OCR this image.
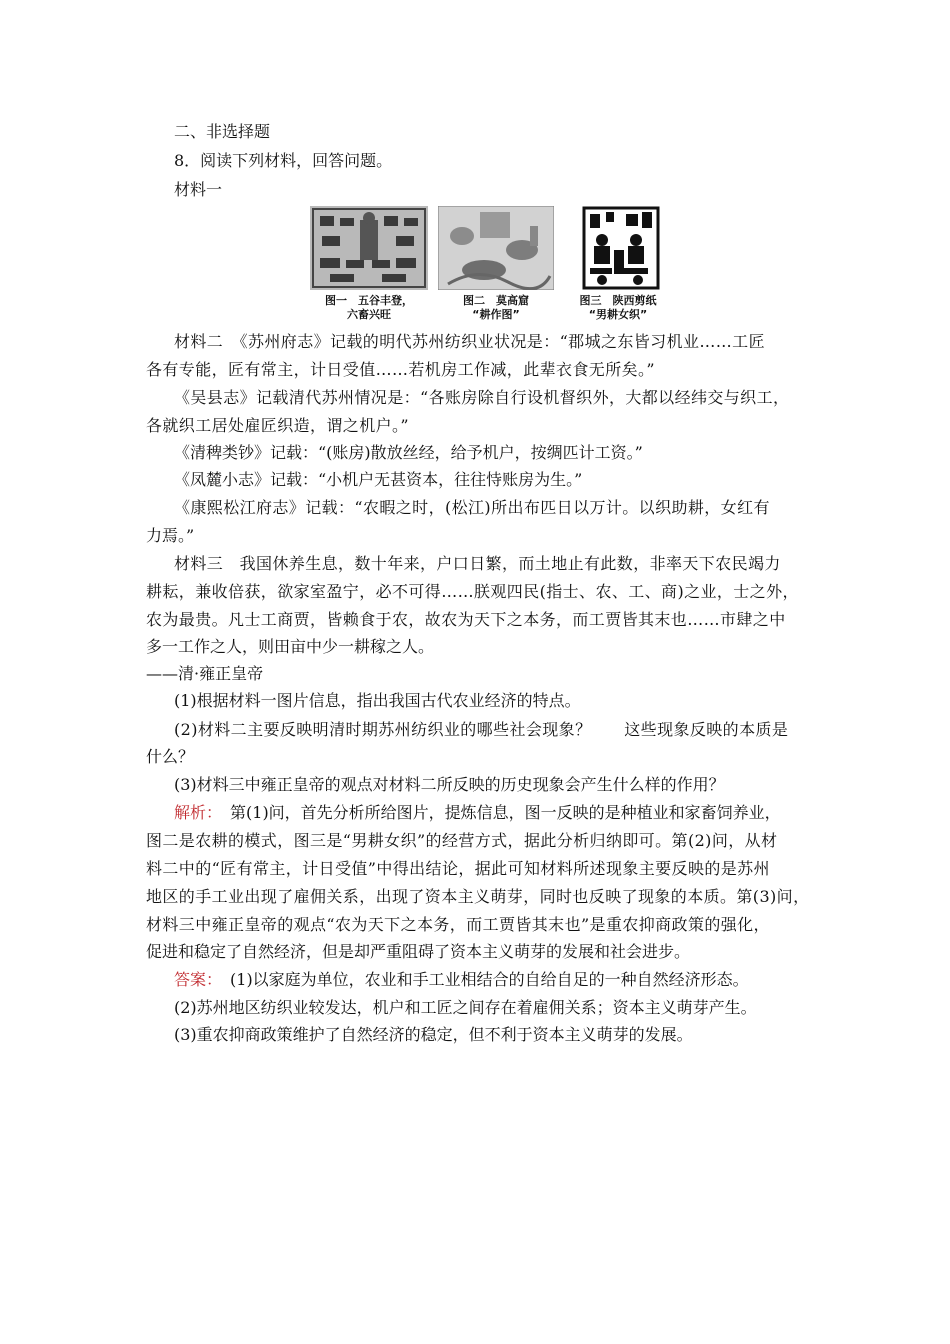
二、非选择题
8．阅读下列材料，回答问题。
材料一
图一　五谷丰登，
六畜兴旺
图二　莫高窟
“耕作图”
图三　陕西剪纸
“男耕女织”
材料二　《苏州府志》记载的明代苏州纺织业状况是：“郡城之东皆习机业……工匠
各有专能，匠有常主，计日受值……若机房工作减，此辈衣食无所矣。”
《吴县志》记载清代苏州情况是：“各账房除自行设机督织外，大都以经纬交与织工，
各就织工居处雇匠织造，谓之机户。”
《清稗类钞》记载：“(账房)散放丝经，给予机户，按绸匹计工资。”
《凤麓小志》记载：“小机户无甚资本，往往恃账房为生。”
《康熙松江府志》记载：“农暇之时，(松江)所出布匹日以万计。以织助耕，女红有
力焉。”
材料三　我国休养生息，数十年来，户口日繁，而土地止有此数，非率天下农民竭力
耕耘，兼收倍获，欲家室盈宁，必不可得……朕观四民(指士、农、工、商)之业，士之外，
农为最贵。凡士工商贾，皆赖食于农，故农为天下之本务，而工贾皆其末也……市肆之中
多一工作之人，则田亩中少一耕稼之人。
——清·雍正皇帝
(1)根据材料一图片信息，指出我国古代农业经济的特点。
(2)材料二主要反映明清时期苏州纺织业的哪些社会现象？　　这些现象反映的本质是
什么？
(3)材料三中雍正皇帝的观点对材料二所反映的历史现象会产生什么样的作用？
解析：　第(1)问，首先分析所给图片，提炼信息，图一反映的是种植业和家畜饲养业，
图二是农耕的模式，图三是“男耕女织”的经营方式，据此分析归纳即可。第(2)问，从材
料二中的“匠有常主，计日受值”中得出结论，据此可知材料所述现象主要反映的是苏州
地区的手工业出现了雇佣关系，出现了资本主义萌芽，同时也反映了现象的本质。第(3)问，
材料三中雍正皇帝的观点“农为天下之本务，而工贾皆其末也”是重农抑商政策的强化，
促进和稳定了自然经济，但是却严重阻碍了资本主义萌芽的发展和社会进步。
答案：　(1)以家庭为单位，农业和手工业相结合的自给自足的一种自然经济形态。
(2)苏州地区纺织业较发达，机户和工匠之间存在着雇佣关系；资本主义萌芽产生。
(3)重农抑商政策维护了自然经济的稳定，但不利于资本主义萌芽的发展。
